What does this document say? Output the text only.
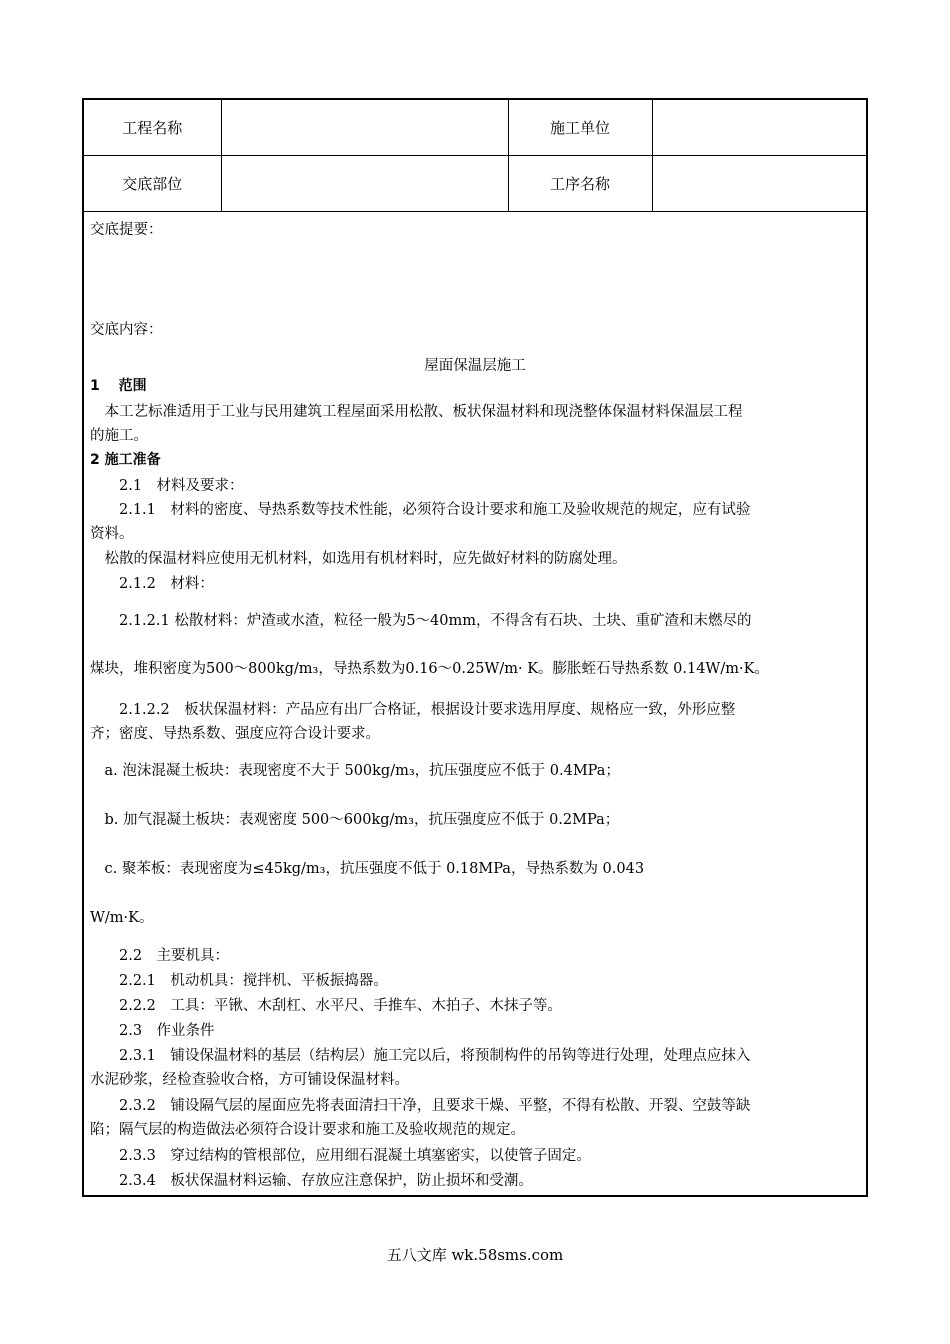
工程名称		施工单位	
交底部位		工序名称	
交底提要：
交底内容：
屋面保温层施工
1　 范围
　本工艺标准适用于工业与民用建筑工程屋面采用松散、板状保温材料和现浇整体保温材料保温层工程
的施工。
2 施工准备
　　2.1　材料及要求：
　　2.1.1　材料的密度、导热系数等技术性能，必须符合设计要求和施工及验收规范的规定，应有试验
资料。
　松散的保温材料应使用无机材料，如选用有机材料时，应先做好材料的防腐处理。
　　2.1.2　材料：
　　2.1.2.1 松散材料：炉渣或水渣，粒径一般为5～40mm，不得含有石块、土块、重矿渣和末燃尽的
煤块，堆积密度为500～800kg/m₃，导热系数为0.16～0.25W/m· K。膨胀蛭石导热系数 0.14W/m·K。
　　2.1.2.2　板状保温材料：产品应有出厂合格证，根据设计要求选用厚度、规格应一致，外形应整
齐；密度、导热系数、强度应符合设计要求。
　a. 泡沫混凝土板块：表现密度不大于 500kg/m₃，抗压强度应不低于 0.4MPa；
　b. 加气混凝土板块：表观密度 500～600kg/m₃，抗压强度应不低于 0.2MPa；
　c. 聚苯板：表现密度为≤45kg/m₃，抗压强度不低于 0.18MPa，导热系数为 0.043
W/m·K。
　　2.2　主要机具：
　　2.2.1　机动机具：搅拌机、平板振捣器。
　　2.2.2　工具：平锹、木刮杠、水平尺、手推车、木拍子、木抹子等。
　　2.3　作业条件
　　2.3.1　铺设保温材料的基层（结构层）施工完以后，将预制构件的吊钩等进行处理，处理点应抹入
水泥砂浆，经检查验收合格，方可铺设保温材料。
　　2.3.2　铺设隔气层的屋面应先将表面清扫干净，且要求干燥、平整，不得有松散、开裂、空鼓等缺
陷；隔气层的构造做法必须符合设计要求和施工及验收规范的规定。
　　2.3.3　穿过结构的管根部位，应用细石混凝土填塞密实，以使管子固定。
　　2.3.4　板状保温材料运输、存放应注意保护，防止损坏和受潮。
五八文库 wk.58sms.com
